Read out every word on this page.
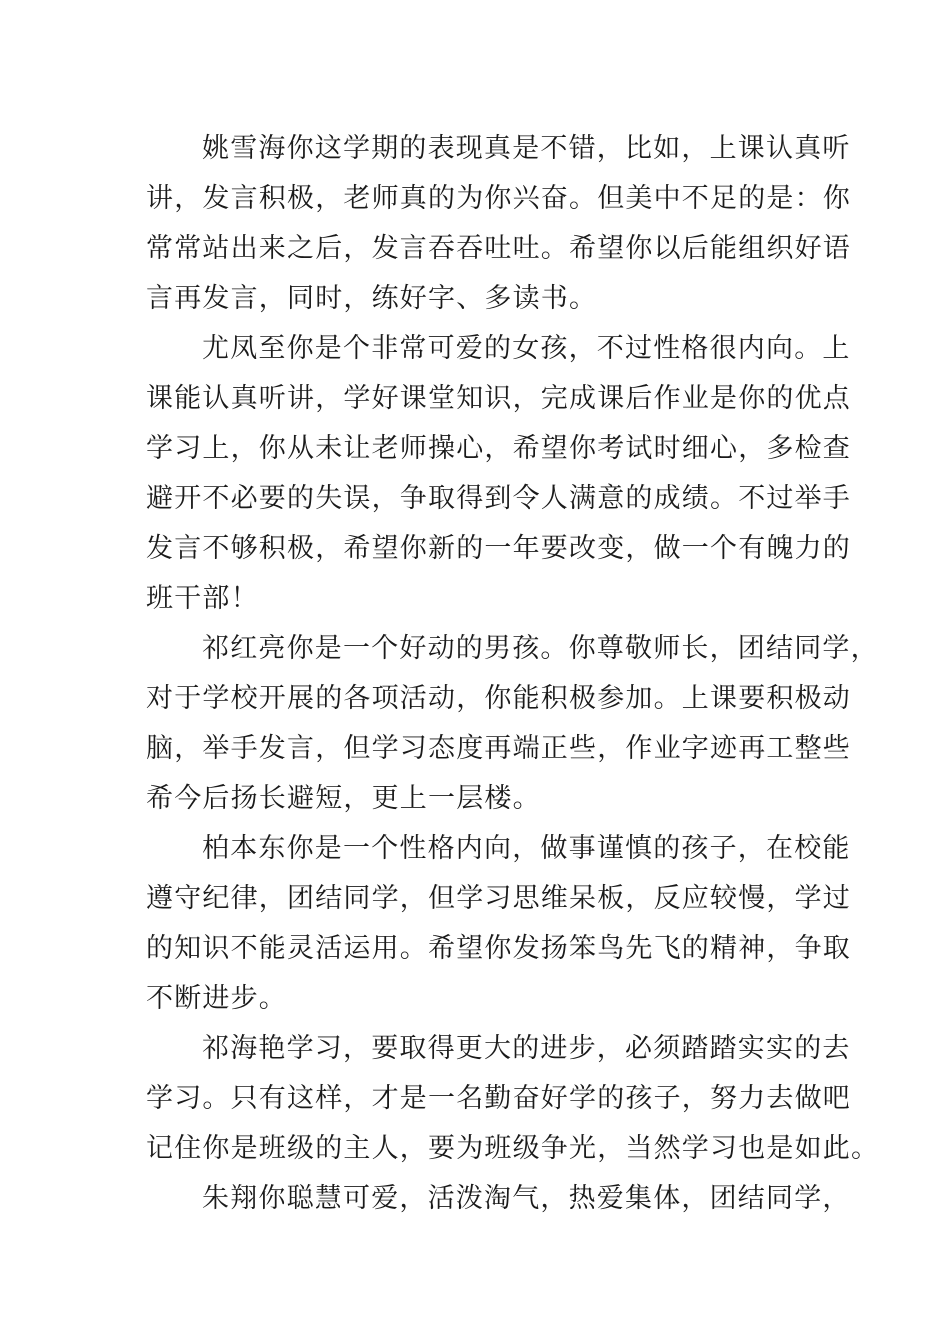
姚雪海你这学期的表现真是不错，比如，上课认真听
讲，发言积极，老师真的为你兴奋。但美中不足的是：你
常常站出来之后，发言吞吞吐吐。希望你以后能组织好语
言再发言，同时，练好字、多读书。
尤凤至你是个非常可爱的女孩，不过性格很内向。上
课能认真听讲，学好课堂知识，完成课后作业是你的优点
学习上，你从未让老师操心，希望你考试时细心，多检查
避开不必要的失误，争取得到令人满意的成绩。不过举手
发言不够积极，希望你新的一年要改变，做一个有魄力的
班干部！
祁红亮你是一个好动的男孩。你尊敬师长，团结同学，
对于学校开展的各项活动，你能积极参加。上课要积极动
脑，举手发言，但学习态度再端正些，作业字迹再工整些
希今后扬长避短，更上一层楼。
柏本东你是一个性格内向，做事谨慎的孩子，在校能
遵守纪律，团结同学，但学习思维呆板，反应较慢，学过
的知识不能灵活运用。希望你发扬笨鸟先飞的精神，争取
不断进步。
祁海艳学习，要取得更大的进步，必须踏踏实实的去
学习。只有这样，才是一名勤奋好学的孩子，努力去做吧
记住你是班级的主人，要为班级争光，当然学习也是如此。
朱翔你聪慧可爱，活泼淘气，热爱集体，团结同学，
